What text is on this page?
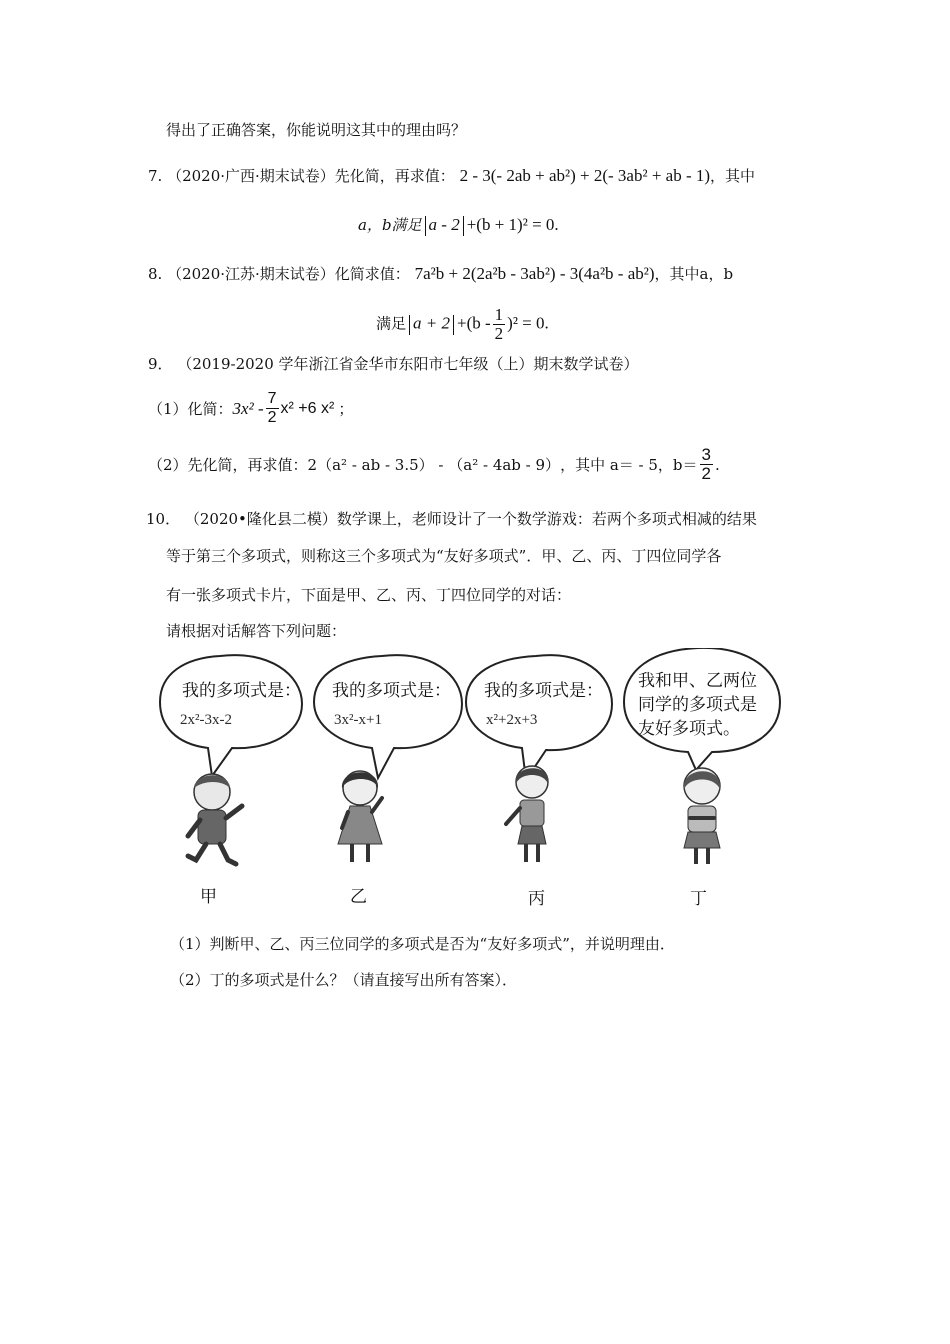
得出了正确答案，你能说明这其中的理由吗？
7. （2020·广西·期末试卷）先化简，再求值： 2 - 3(- 2ab + ab²) + 2(- 3ab² + ab - 1)，其中
a，b满足 a - 2 +(b + 1)² = 0.
8. （2020·江苏·期末试卷）化简求值： 7a²b + 2(2a²b - 3ab²) - 3(4a²b - ab²)，其中a，b
满足 $a + 2 +(b - \frac{1}{2} )^2 = 0$.
9． （2019-2020 学年浙江省金华市东阳市七年级（上）期末数学试卷）
（1）化简：$3x^2 - \frac{7}{2} x^2 +6$ x² ；
（2）先化简，再求值：2（a² - ab - 3.5） - （a² - 4ab - 9），其中 a＝ - 5，$b= \frac{3}{2}$ .
10． （2020•隆化县二模）数学课上，老师设计了一个数学游戏：若两个多项式相减的结果
等于第三个多项式，则称这三个多项式为“友好多项式”．甲、乙、丙、丁四位同学各
有一张多项式卡片，下面是甲、乙、丙、丁四位同学的对话：
请根据对话解答下列问题：
我的多项式是：
2x²-3x-2
我的多项式是：
3x²-x+1
我的多项式是：
x²+2x+3
我和甲、乙两位
同学的多项式是
友好多项式。
甲	乙	丙	丁
（1）判断甲、乙、丙三位同学的多项式是否为“友好多项式”，并说明理由．
（2）丁的多项式是什么？（请直接写出所有答案）．
